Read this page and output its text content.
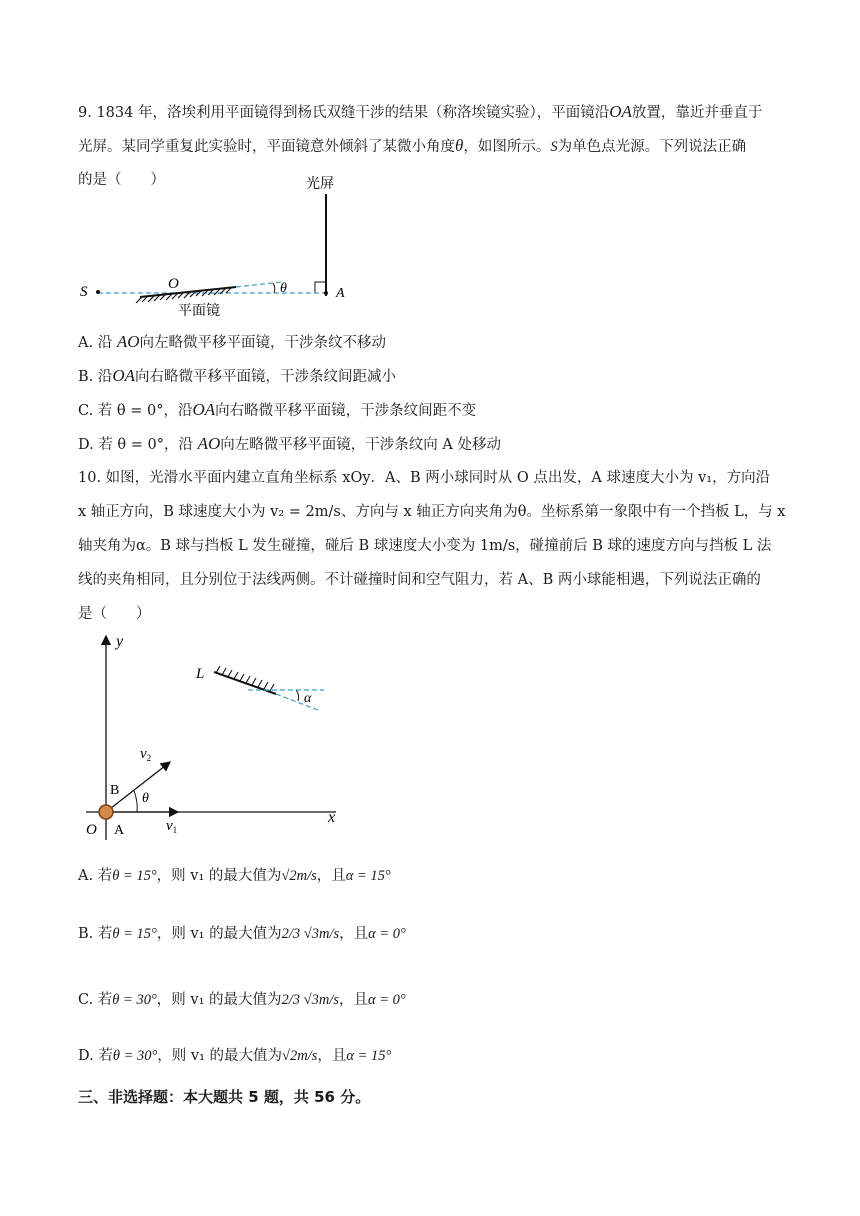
9. 1834 年，洛埃利用平面镜得到杨氏双缝干涉的结果（称洛埃镜实验），平面镜沿OA放置，靠近并垂直于
光屏。某同学重复此实验时，平面镜意外倾斜了某微小角度θ，如图所示。S为单色点光源。下列说法正确
的是（　　）	光屏
θ
S	O
A
平面镜
A. 沿 AO向左略微平移平面镜，干涉条纹不移动
B. 沿OA向右略微平移平面镜，干涉条纹间距减小
C. 若 θ = 0°，沿OA向右略微平移平面镜，干涉条纹间距不变
D. 若 θ = 0°，沿 AO向左略微平移平面镜，干涉条纹向 A 处移动
10. 如图，光滑水平面内建立直角坐标系 xOy．A、B 两小球同时从 O 点出发，A 球速度大小为 v₁，方向沿
x 轴正方向，B 球速度大小为 v₂ = 2m/s、方向与 x 轴正方向夹角为θ。坐标系第一象限中有一个挡板 L，与 x
轴夹角为α。B 球与挡板 L 发生碰撞，碰后 B 球速度大小变为 1m/s，碰撞前后 B 球的速度方向与挡板 L 法
线的夹角相同，且分别位于法线两侧。不计碰撞时间和空气阻力，若 A、B 两小球能相遇，下列说法正确的
是（　　）
y
x
$v_1$
$v_2$
θ
B
O A
α
L
A. 若θ = 15°，则 v₁ 的最大值为√2m/s，且α = 15°
B. 若θ = 15°，则 v₁ 的最大值为2/3 √3m/s，且α = 0°
C. 若θ = 30°，则 v₁ 的最大值为2/3 √3m/s，且α = 0°
D. 若θ = 30°，则 v₁ 的最大值为√2m/s，且α = 15°
三、非选择题：本大题共 5 题，共 56 分。
